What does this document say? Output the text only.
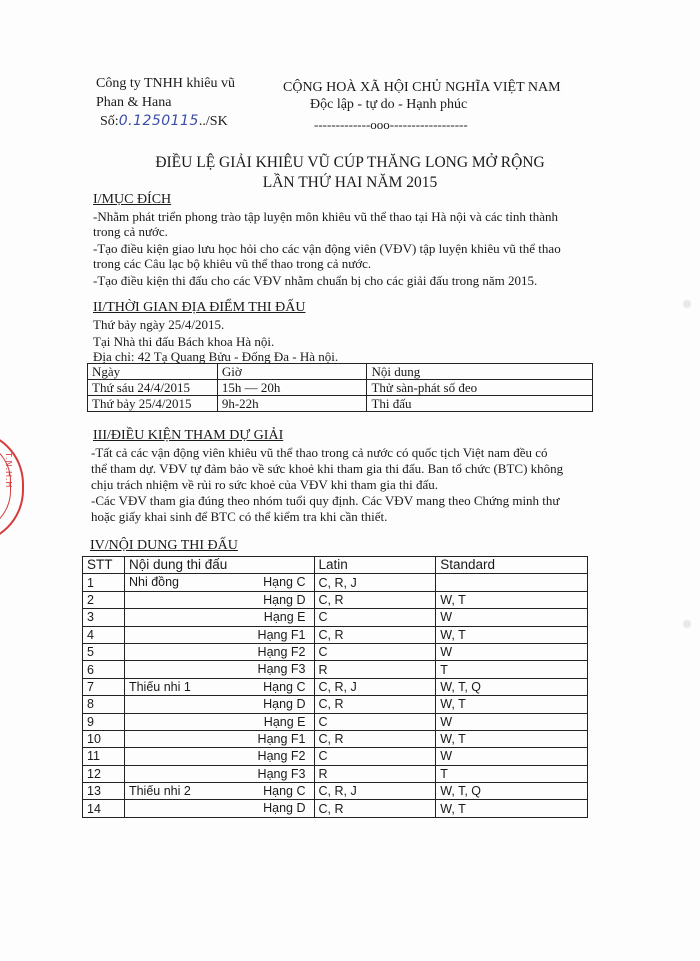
Công ty TNHH khiêu vũ
Phan & Hana
Số:0.1250115../SK
CỘNG HOÀ XÃ HỘI CHỦ NGHĨA VIỆT NAM
Độc lập - tự do - Hạnh phúc
-------------ooo------------------
ĐIỀU LỆ GIẢI KHIÊU VŨ CÚP THĂNG LONG MỞ RỘNG
LẦN THỨ HAI NĂM 2015
I/MỤC ĐÍCH
-Nhằm phát triển phong trào tập luyện môn khiêu vũ thể thao tại Hà nội và các tỉnh thành
trong cả nước.
-Tạo điều kiện giao lưu học hỏi cho các vận động viên (VĐV) tập luyện khiêu vũ thể thao
trong các Câu lạc bộ khiêu vũ thể thao trong cả nước.
-Tạo điều kiện thi đấu cho các VĐV nhằm chuẩn bị cho các giải đấu trong năm 2015.
II/THỜI GIAN ĐỊA ĐIỂM THI ĐẤU
Thứ bảy ngày 25/4/2015.
Tại Nhà thi đấu Bách khoa Hà nội.
Địa chỉ: 42 Tạ Quang Bửu - Đống Đa - Hà nội.
Ngày	Giờ	Nội dung
Thứ sáu 24/4/2015	15h — 20h	Thử sàn-phát số đeo
Thứ bảy 25/4/2015	9h-22h	Thi đấu
III/ĐIỀU KIỆN THAM DỰ GIẢI
-Tất cả các vận động viên khiêu vũ thể thao trong cả nước có quốc tịch Việt nam đều có
thể tham dự. VĐV tự đảm bảo về sức khoẻ khi tham gia thi đấu. Ban tổ chức (BTC) không
chịu trách nhiệm về rủi ro sức khoẻ của VĐV khi tham gia thi đấu.
-Các VĐV tham gia đúng theo nhóm tuổi quy định. Các VĐV mang theo Chứng minh thư
hoặc giấy khai sinh để BTC có thể kiểm tra khi cần thiết.
IV/NỘI DUNG THI ĐẤU
STT	Nội dung thi đấu	Latin	Standard
1	Nhi đồng Hạng C	C, R, J	
2	Hạng D	C, R	W, T
3	Hạng E	C	W
4	Hạng F1	C, R	W, T
5	Hạng F2	C	W
6	Hạng F3	R	T
7	Thiếu nhi 1 Hạng C	C, R, J	W, T, Q
8	Hạng D	C, R	W, T
9	Hạng E	C	W
10	Hạng F1	C, R	W, T
11	Hạng F2	C	W
12	Hạng F3	R	T
13	Thiếu nhi 2 Hạng C	C, R, J	W, T, Q
14	Hạng D	C, R	W, T
T.N.H.H
